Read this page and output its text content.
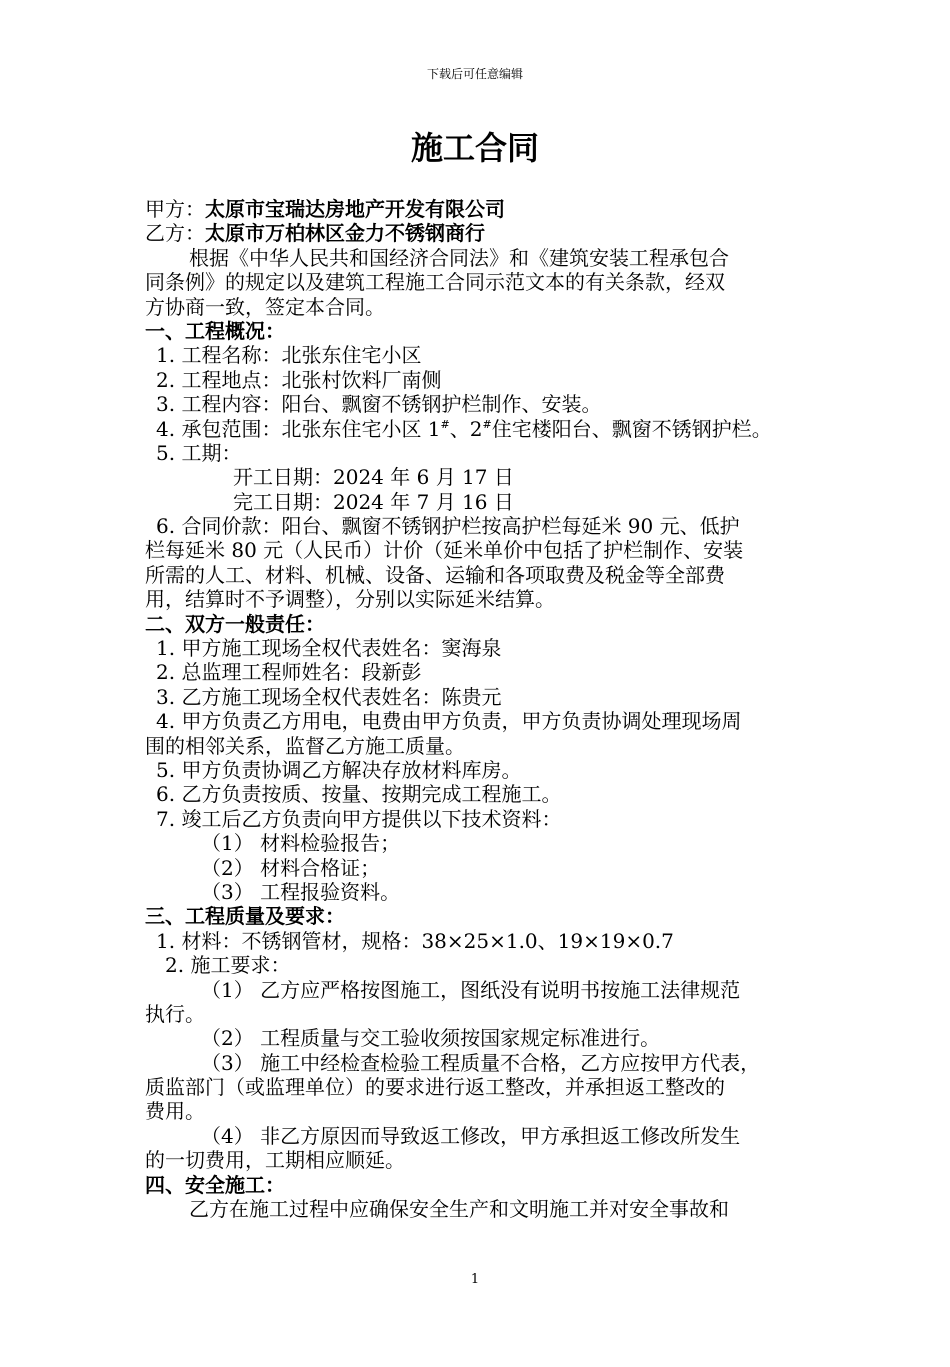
下载后可任意编辑
施工合同
甲方：太原市宝瑞达房地产开发有限公司
乙方：太原市万柏林区金力不锈钢商行
根据《中华人民共和国经济合同法》和《建筑安装工程承包合
同条例》的规定以及建筑工程施工合同示范文本的有关条款，经双
方协商一致，签定本合同。
一、工程概况：
1. 工程名称：北张东住宅小区
2. 工程地点：北张村饮料厂南侧
3. 工程内容：阳台、飘窗不锈钢护栏制作、安装。
4. 承包范围：北张东住宅小区 1#、2#住宅楼阳台、飘窗不锈钢护栏。
5. 工期：
开工日期：2024 年 6 月 17 日
完工日期：2024 年 7 月 16 日
6. 合同价款：阳台、飘窗不锈钢护栏按高护栏每延米 90 元、低护
栏每延米 80 元（人民币）计价（延米单价中包括了护栏制作、安装
所需的人工、材料、机械、设备、运输和各项取费及税金等全部费
用，结算时不予调整），分别以实际延米结算。
二、双方一般责任：
1. 甲方施工现场全权代表姓名：窦海泉
2. 总监理工程师姓名：段新彭
3. 乙方施工现场全权代表姓名：陈贵元
4. 甲方负责乙方用电，电费由甲方负责，甲方负责协调处理现场周
围的相邻关系，监督乙方施工质量。
5. 甲方负责协调乙方解决存放材料库房。
6. 乙方负责按质、按量、按期完成工程施工。
7. 竣工后乙方负责向甲方提供以下技术资料：
（1） 材料检验报告；
（2） 材料合格证；
（3） 工程报验资料。
三、工程质量及要求：
1. 材料：不锈钢管材，规格：38×25×1.0、19×19×0.7
2. 施工要求：
（1） 乙方应严格按图施工，图纸没有说明书按施工法律规范
执行。
（2） 工程质量与交工验收须按国家规定标准进行。
（3） 施工中经检查检验工程质量不合格，乙方应按甲方代表，
质监部门（或监理单位）的要求进行返工整改，并承担返工整改的
费用。
（4） 非乙方原因而导致返工修改，甲方承担返工修改所发生
的一切费用，工期相应顺延。
四、安全施工：
乙方在施工过程中应确保安全生产和文明施工并对安全事故和
1
